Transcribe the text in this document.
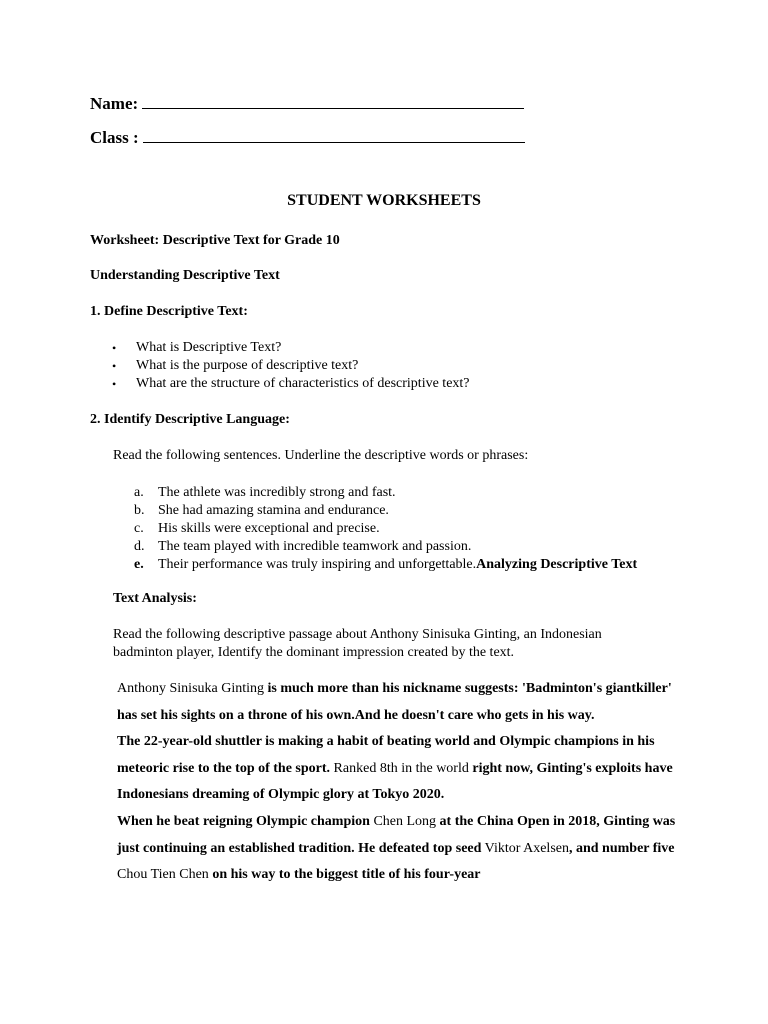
Name:
Class :
STUDENT WORKSHEETS
Worksheet: Descriptive Text for Grade 10
Understanding Descriptive Text
1. Define Descriptive Text:
• What is Descriptive Text?
• What is the purpose of descriptive text?
• What are the structure of characteristics of descriptive text?
2. Identify Descriptive Language:
Read the following sentences. Underline the descriptive words or phrases:
a. The athlete was incredibly strong and fast.
b. She had amazing stamina and endurance.
c. His skills were exceptional and precise.
d. The team played with incredible teamwork and passion.
e. Their performance was truly inspiring and unforgettable.Analyzing Descriptive Text
Text Analysis:
Read the following descriptive passage about Anthony Sinisuka Ginting, an Indonesian
badminton player, Identify the dominant impression created by the text.

Anthony Sinisuka Ginting is much more than his nickname suggests: 'Badminton's giantkiller' has set his sights on a throne of his own.And he doesn't care who gets in his way.

The 22-year-old shuttler is making a habit of beating world and Olympic champions in his meteoric rise to the top of the sport. Ranked 8th in the world right now, Ginting's exploits have Indonesians dreaming of Olympic glory at Tokyo 2020.

When he beat reigning Olympic champion Chen Long at the China Open in 2018, Ginting was just continuing an established tradition. He defeated top seed Viktor Axelsen, and number five Chou Tien Chen on his way to the biggest title of his four-year
